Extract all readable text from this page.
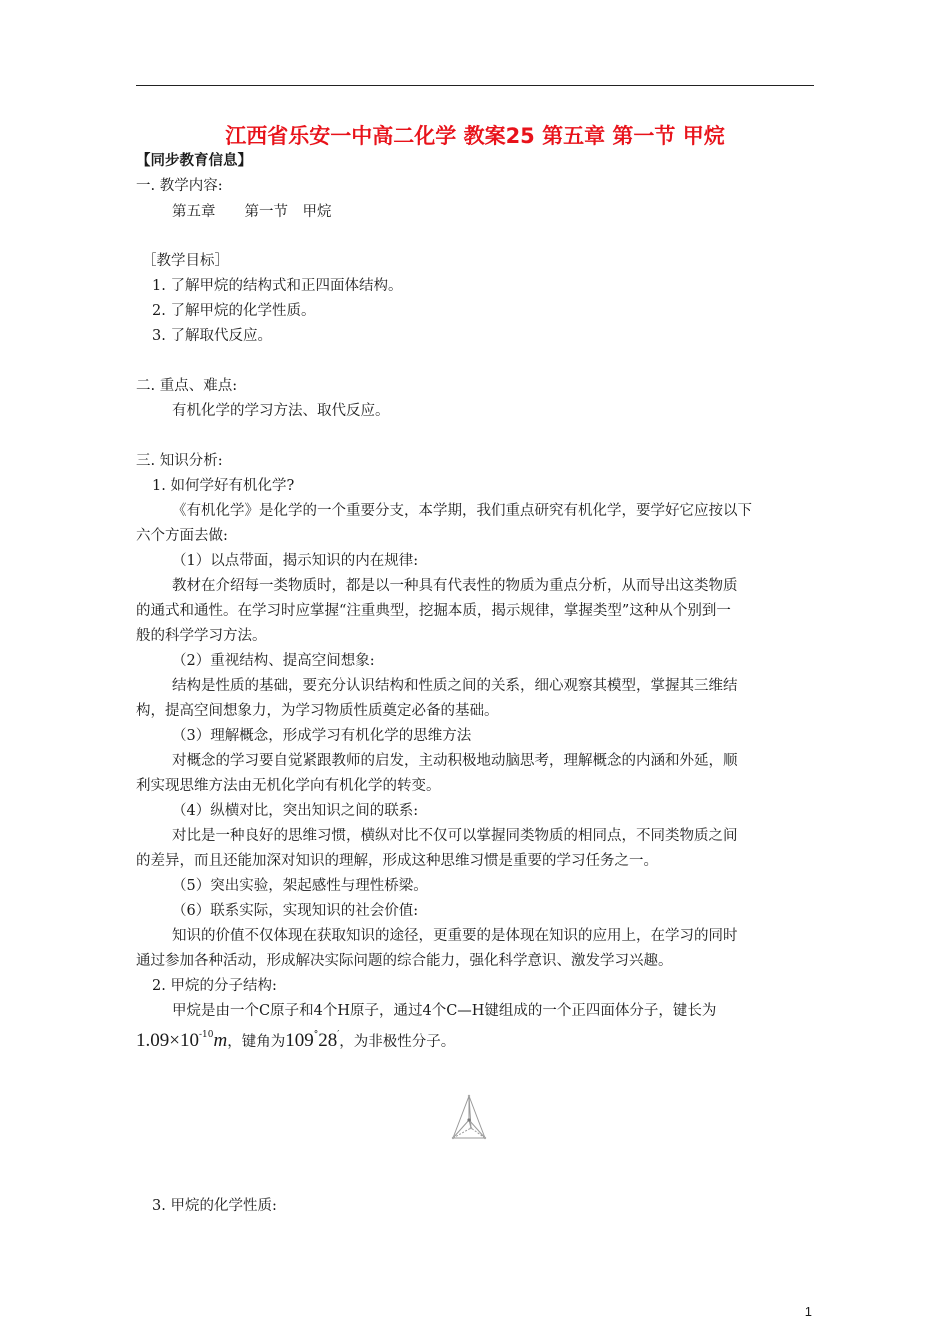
江西省乐安一中高二化学 教案25 第五章 第一节 甲烷
【同步教育信息】
一. 教学内容:
第五章　　第一节　甲烷
［教学目标］
1. 了解甲烷的结构式和正四面体结构。
2. 了解甲烷的化学性质。
3. 了解取代反应。
二. 重点、难点:
有机化学的学习方法、取代反应。
三. 知识分析:
1. 如何学好有机化学?
《有机化学》是化学的一个重要分支，本学期，我们重点研究有机化学，要学好它应按以下
六个方面去做:
（1）以点带面，揭示知识的内在规律:
教材在介绍每一类物质时，都是以一种具有代表性的物质为重点分析，从而导出这类物质
的通式和通性。在学习时应掌握“注重典型，挖掘本质，揭示规律，掌握类型”这种从个别到一
般的科学学习方法。
（2）重视结构、提高空间想象:
结构是性质的基础，要充分认识结构和性质之间的关系，细心观察其模型，掌握其三维结
构，提高空间想象力，为学习物质性质奠定必备的基础。
（3）理解概念，形成学习有机化学的思维方法
对概念的学习要自觉紧跟教师的启发，主动积极地动脑思考，理解概念的内涵和外延，顺
利实现思维方法由无机化学向有机化学的转变。
（4）纵横对比，突出知识之间的联系:
对比是一种良好的思维习惯，横纵对比不仅可以掌握同类物质的相同点，不同类物质之间
的差异，而且还能加深对知识的理解，形成这种思维习惯是重要的学习任务之一。
（5）突出实验，架起感性与理性桥梁。
（6）联系实际，实现知识的社会价值:
知识的价值不仅体现在获取知识的途径，更重要的是体现在知识的应用上，在学习的同时
通过参加各种活动，形成解决实际问题的综合能力，强化科学意识、激发学习兴趣。
2. 甲烷的分子结构:
甲烷是由一个C原子和4个H原子，通过4个C—H键组成的一个正四面体分子，键长为
$1.09\times 10^{-10}m$，键角为109°28′，为非极性分子。
3. 甲烷的化学性质:
1
